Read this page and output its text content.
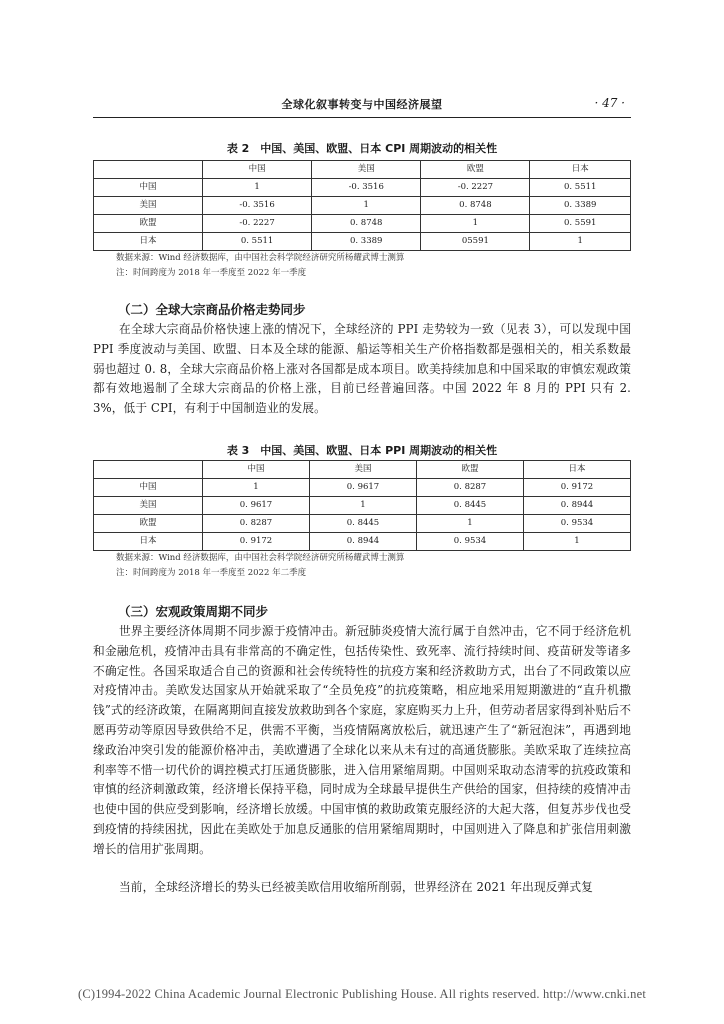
全球化叙事转变与中国经济展望	· 47 ·
表 2　中国、美国、欧盟、日本 CPI 周期波动的相关性
	中国	美国	欧盟	日本
中国	1	-0. 3516	-0. 2227	0. 5511
美国	-0. 3516	1	0. 8748	0. 3389
欧盟	-0. 2227	0. 8748	1	0. 5591
日本	0. 5511	0. 3389	05591	1
数据来源：Wind 经济数据库，由中国社会科学院经济研究所杨耀武博士测算
注：时间跨度为 2018 年一季度至 2022 年一季度
（二）全球大宗商品价格走势同步
在全球大宗商品价格快速上涨的情况下，全球经济的 PPI 走势较为一致（见表 3），可以发现中国 PPI 季度波动与美国、欧盟、日本及全球的能源、船运等相关生产价格指数都是强相关的，相关系数最弱也超过 0. 8，全球大宗商品价格上涨对各国都是成本项目。欧美持续加息和中国采取的审慎宏观政策都有效地遏制了全球大宗商品的价格上涨，目前已经普遍回落。中国 2022 年 8 月的 PPI 只有 2. 3%，低于 CPI，有利于中国制造业的发展。
表 3　中国、美国、欧盟、日本 PPI 周期波动的相关性
	中国	美国	欧盟	日本
中国	1	0. 9617	0. 8287	0. 9172
美国	0. 9617	1	0. 8445	0. 8944
欧盟	0. 8287	0. 8445	1	0. 9534
日本	0. 9172	0. 8944	0. 9534	1
数据来源：Wind 经济数据库，由中国社会科学院经济研究所杨耀武博士测算
注：时间跨度为 2018 年一季度至 2022 年二季度
（三）宏观政策周期不同步
世界主要经济体周期不同步源于疫情冲击。新冠肺炎疫情大流行属于自然冲击，它不同于经济危机和金融危机，疫情冲击具有非常高的不确定性，包括传染性、致死率、流行持续时间、疫苗研发等诸多不确定性。各国采取适合自己的资源和社会传统特性的抗疫方案和经济救助方式，出台了不同政策以应对疫情冲击。美欧发达国家从开始就采取了“全员免疫”的抗疫策略，相应地采用短期激进的“直升机撒钱”式的经济政策，在隔离期间直接发放救助到各个家庭，家庭购买力上升，但劳动者居家得到补贴后不愿再劳动等原因导致供给不足，供需不平衡，当疫情隔离放松后，就迅速产生了“新冠泡沫”，再遇到地缘政治冲突引发的能源价格冲击，美欧遭遇了全球化以来从未有过的高通货膨胀。美欧采取了连续拉高利率等不惜一切代价的调控模式打压通货膨胀，进入信用紧缩周期。中国则采取动态清零的抗疫政策和审慎的经济刺激政策，经济增长保持平稳，同时成为全球最早提供生产供给的国家，但持续的疫情冲击也使中国的供应受到影响，经济增长放缓。中国审慎的救助政策克服经济的大起大落，但复苏步伐也受到疫情的持续困扰，因此在美欧处于加息反通胀的信用紧缩周期时，中国则进入了降息和扩张信用刺激增长的信用扩张周期。
当前，全球经济增长的势头已经被美欧信用收缩所削弱，世界经济在 2021 年出现反弹式复
(C)1994-2022 China Academic Journal Electronic Publishing House. All rights reserved. http://www.cnki.net
